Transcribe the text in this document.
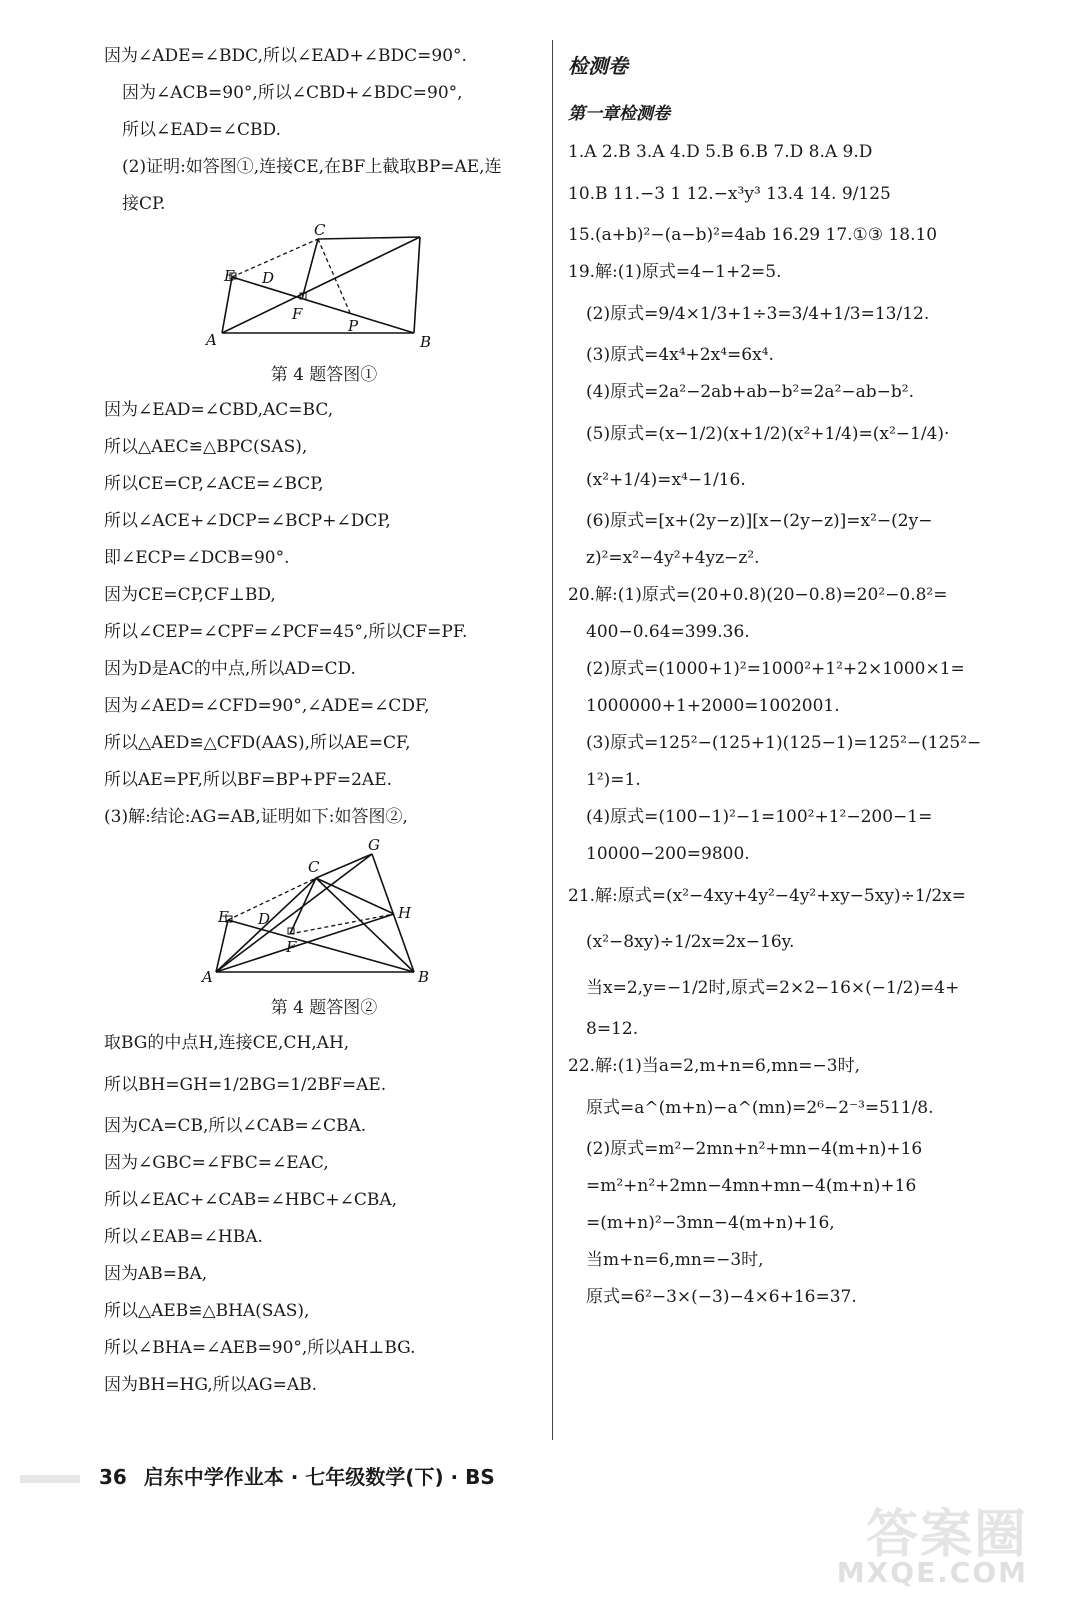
因为∠ADE=∠BDC,所以∠EAD+∠BDC=90°.
因为∠ACB=90°,所以∠CBD+∠BDC=90°,
所以∠EAD=∠CBD.
(2)证明:如答图①,连接CE,在BF上截取BP=AE,连
接CP.
C
E D
F
P
A	B
第 4 题答图①
因为∠EAD=∠CBD,AC=BC,
所以△AEC≌△BPC(SAS),
所以CE=CP,∠ACE=∠BCP,
所以∠ACE+∠DCP=∠BCP+∠DCP,
即∠ECP=∠DCB=90°.
因为CE=CP,CF⊥BD,
所以∠CEP=∠CPF=∠PCF=45°,所以CF=PF.
因为D是AC的中点,所以AD=CD.
因为∠AED=∠CFD=90°,∠ADE=∠CDF,
所以△AED≌△CFD(AAS),所以AE=CF,
所以AE=PF,所以BF=BP+PF=2AE.
(3)解:结论:AG=AB,证明如下:如答图②,
G
C
E D	H
F
A	B
第 4 题答图②
取BG的中点H,连接CE,CH,AH,
所以BH=GH=1/2BG=1/2BF=AE.
因为CA=CB,所以∠CAB=∠CBA.
因为∠GBC=∠FBC=∠EAC,
所以∠EAC+∠CAB=∠HBC+∠CBA,
所以∠EAB=∠HBA.
因为AB=BA,
所以△AEB≌△BHA(SAS),
所以∠BHA=∠AEB=90°,所以AH⊥BG.
因为BH=HG,所以AG=AB.
检测卷
第一章检测卷
1.A 2.B 3.A 4.D 5.B 6.B 7.D 8.A 9.D
10.B 11.−3 1 12.−x³y³ 13.4 14. 9/125
15.(a+b)²−(a−b)²=4ab 16.29 17.①③ 18.10
19.解:(1)原式=4−1+2=5.
(2)原式=9/4×1/3+1÷3=3/4+1/3=13/12.
(3)原式=4x⁴+2x⁴=6x⁴.
(4)原式=2a²−2ab+ab−b²=2a²−ab−b².
(5)原式=(x−1/2)(x+1/2)(x²+1/4)=(x²−1/4)·
(x²+1/4)=x⁴−1/16.
(6)原式=[x+(2y−z)][x−(2y−z)]=x²−(2y−
z)²=x²−4y²+4yz−z².
20.解:(1)原式=(20+0.8)(20−0.8)=20²−0.8²=
400−0.64=399.36.
(2)原式=(1000+1)²=1000²+1²+2×1000×1=
1000000+1+2000=1002001.
(3)原式=125²−(125+1)(125−1)=125²−(125²−
1²)=1.
(4)原式=(100−1)²−1=100²+1²−200−1=
10000−200=9800.
21.解:原式=(x²−4xy+4y²−4y²+xy−5xy)÷1/2x=
(x²−8xy)÷1/2x=2x−16y.
当x=2,y=−1/2时,原式=2×2−16×(−1/2)=4+
8=12.
22.解:(1)当a=2,m+n=6,mn=−3时,
原式=a^(m+n)−a^(mn)=2⁶−2⁻³=511/8.
(2)原式=m²−2mn+n²+mn−4(m+n)+16
=m²+n²+2mn−4mn+mn−4(m+n)+16
=(m+n)²−3mn−4(m+n)+16,
当m+n=6,mn=−3时,
原式=6²−3×(−3)−4×6+16=37.
36 启东中学作业本 · 七年级数学(下) · BS
答案圈
MXQE.COM
